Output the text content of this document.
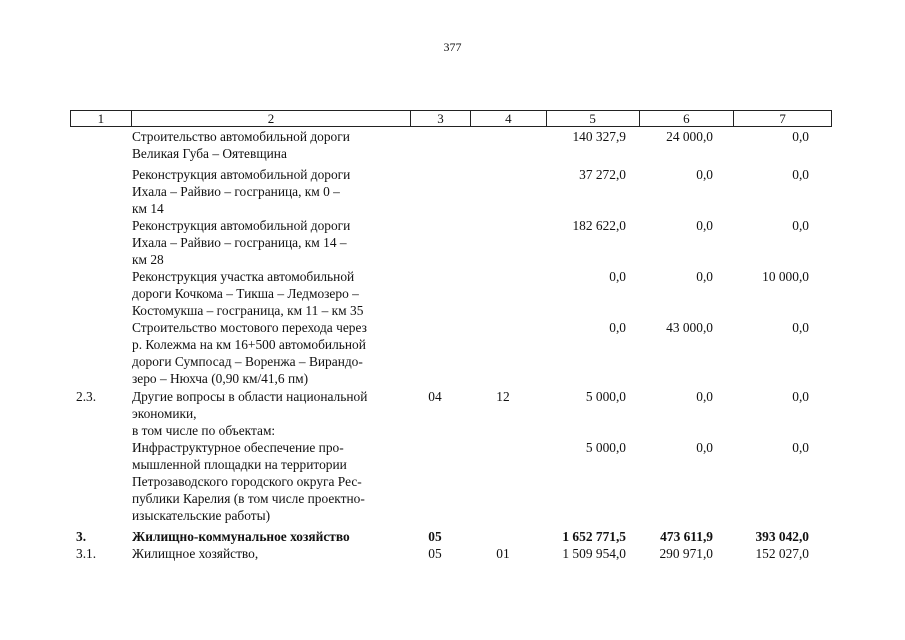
377
1	2	3	4	5	6	7
Строительство автомобильной дороги
Великая Губа – Оятевщина
140 327,9	24 000,0	0,0
Реконструкция автомобильной дороги
Ихала – Райвио – госграница, км 0 –
км 14
37 272,0	0,0	0,0
Реконструкция автомобильной дороги
Ихала – Райвио – госграница, км 14 –
км 28
182 622,0	0,0	0,0
Реконструкция участка автомобильной
дороги Кочкома – Тикша – Ледмозеро –
Костомукша – госграница, км 11 – км 35
0,0	0,0	10 000,0
Строительство мостового перехода через
р. Колежма на км 16+500 автомобильной
дороги Сумпосад – Воренжа – Вирандо-
зеро – Нюхча (0,90 км/41,6 пм)
0,0	43 000,0	0,0
2.3.	Другие вопросы в области национальной
экономики,
в том числе по объектам:
04	12	5 000,0	0,0	0,0
Инфраструктурное обеспечение про-
мышленной площадки на территории
Петрозаводского городского округа Рес-
публики Карелия (в том числе проектно-
изыскательские работы)
5 000,0	0,0	0,0
3.	Жилищно-коммунальное хозяйство	05	1 652 771,5	473 611,9	393 042,0
3.1.	Жилищное хозяйство,	05	01	1 509 954,0	290 971,0	152 027,0
